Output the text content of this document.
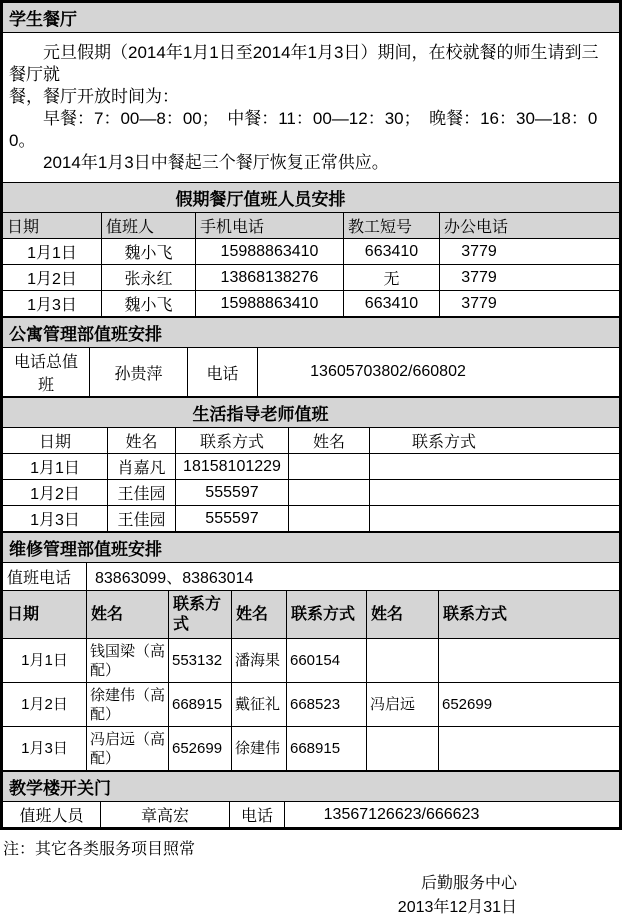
学生餐厅

元旦假期（2014年1月1日至2014年1月3日）期间，在校就餐的师生请到三餐厅就
餐，餐厅开放时间为：
早餐：7：00—8：00；　中餐：11：00—12：30；　晚餐：16：30—18：00。
2014年1月3日中餐起三个餐厅恢复正常供应。
假期餐厅值班人员安排				
日期	值班人	手机电话	教工短号	办公电话
1月1日	魏小飞	15988863410	663410	3779
1月2日	张永红	13868138276	无	3779
1月3日	魏小飞	15988863410	663410	3779
公寓管理部值班安排
电话总值班	孙贵萍	电话	13605703802/660802
生活指导老师值班				
日期	姓名	联系方式	姓名	联系方式
1月1日	肖嘉凡	18158101229		
1月2日	王佳园	555597		
1月3日	王佳园	555597		
维修管理部值班安排						
值班电话	83863099、83863014					
日期	姓名	联系方式	姓名	联系方式	姓名	联系方式
1月1日	钱国梁（高配）	553132	潘海果	660154		
1月2日	徐建伟（高配）	668915	戴征礼	668523	冯启远	652699
1月3日	冯启远（高配）	652699	徐建伟	668915		
教学楼开关门
值班人员	章高宏	电话	13567126623/666623
注：其它各类服务项目照常
后勤服务中心
2013年12月31日
